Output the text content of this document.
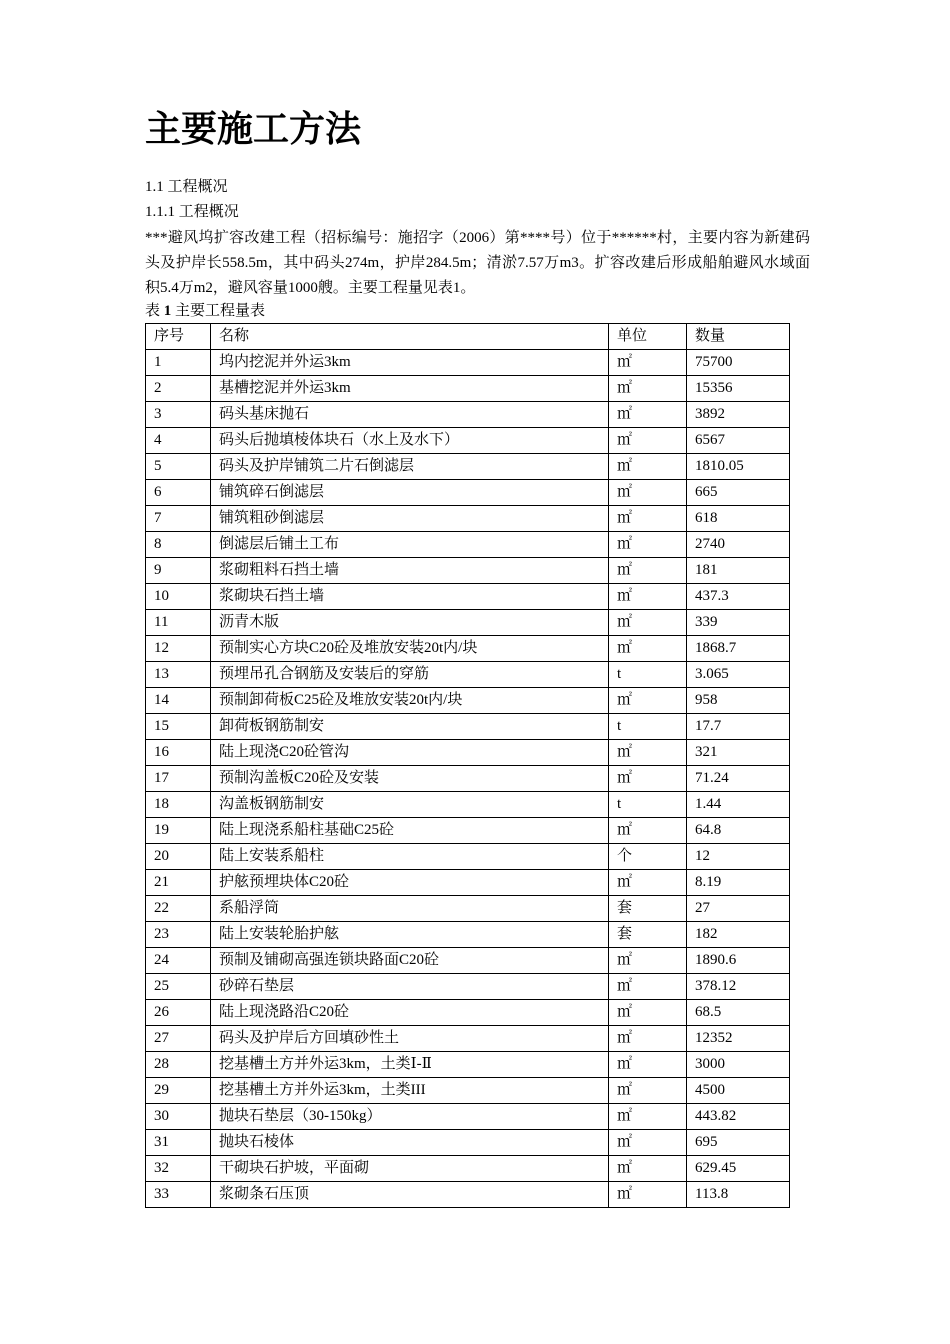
主要施工方法
1.1 工程概况
1.1.1 工程概况
***避风坞扩容改建工程（招标编号：施招字（2006）第****号）位于******村，主要内容为新建码头及护岸长558.5m，其中码头274m，护岸284.5m；清淤7.57万m3。扩容改建后形成船舶避风水域面积5.4万m2，避风容量1000艘。主要工程量见表1。
表 1 主要工程量表
序号	名称	单位	数量
1	坞内挖泥并外运3km	㎡	75700
2	基槽挖泥并外运3km	㎡	15356
3	码头基床抛石	㎡	3892
4	码头后抛填棱体块石（水上及水下）	㎡	6567
5	码头及护岸铺筑二片石倒滤层	㎡	1810.05
6	铺筑碎石倒滤层	㎡	665
7	铺筑粗砂倒滤层	㎡	618
8	倒滤层后铺土工布	㎡	2740
9	浆砌粗料石挡土墙	㎡	181
10	浆砌块石挡土墙	㎡	437.3
11	沥青木版	㎡	339
12	预制实心方块C20砼及堆放安装20t内/块	㎡	1868.7
13	预埋吊孔合钢筋及安装后的穿筋	t	3.065
14	预制卸荷板C25砼及堆放安装20t内/块	㎡	958
15	卸荷板钢筋制安	t	17.7
16	陆上现浇C20砼管沟	㎡	321
17	预制沟盖板C20砼及安装	㎡	71.24
18	沟盖板钢筋制安	t	1.44
19	陆上现浇系船柱基础C25砼	㎡	64.8
20	陆上安装系船柱	个	12
21	护舷预埋块体C20砼	㎡	8.19
22	系船浮筒	套	27
23	陆上安装轮胎护舷	套	182
24	预制及铺砌高强连锁块路面C20砼	㎡	1890.6
25	砂碎石垫层	㎡	378.12
26	陆上现浇路沿C20砼	㎡	68.5
27	码头及护岸后方回填砂性土	㎡	12352
28	挖基槽土方并外运3km，土类Ⅰ-Ⅱ	㎡	3000
29	挖基槽土方并外运3km，土类III	㎡	4500
30	抛块石垫层（30-150kg）	㎡	443.82
31	抛块石棱体	㎡	695
32	干砌块石护坡，平面砌	㎡	629.45
33	浆砌条石压顶	㎡	113.8
